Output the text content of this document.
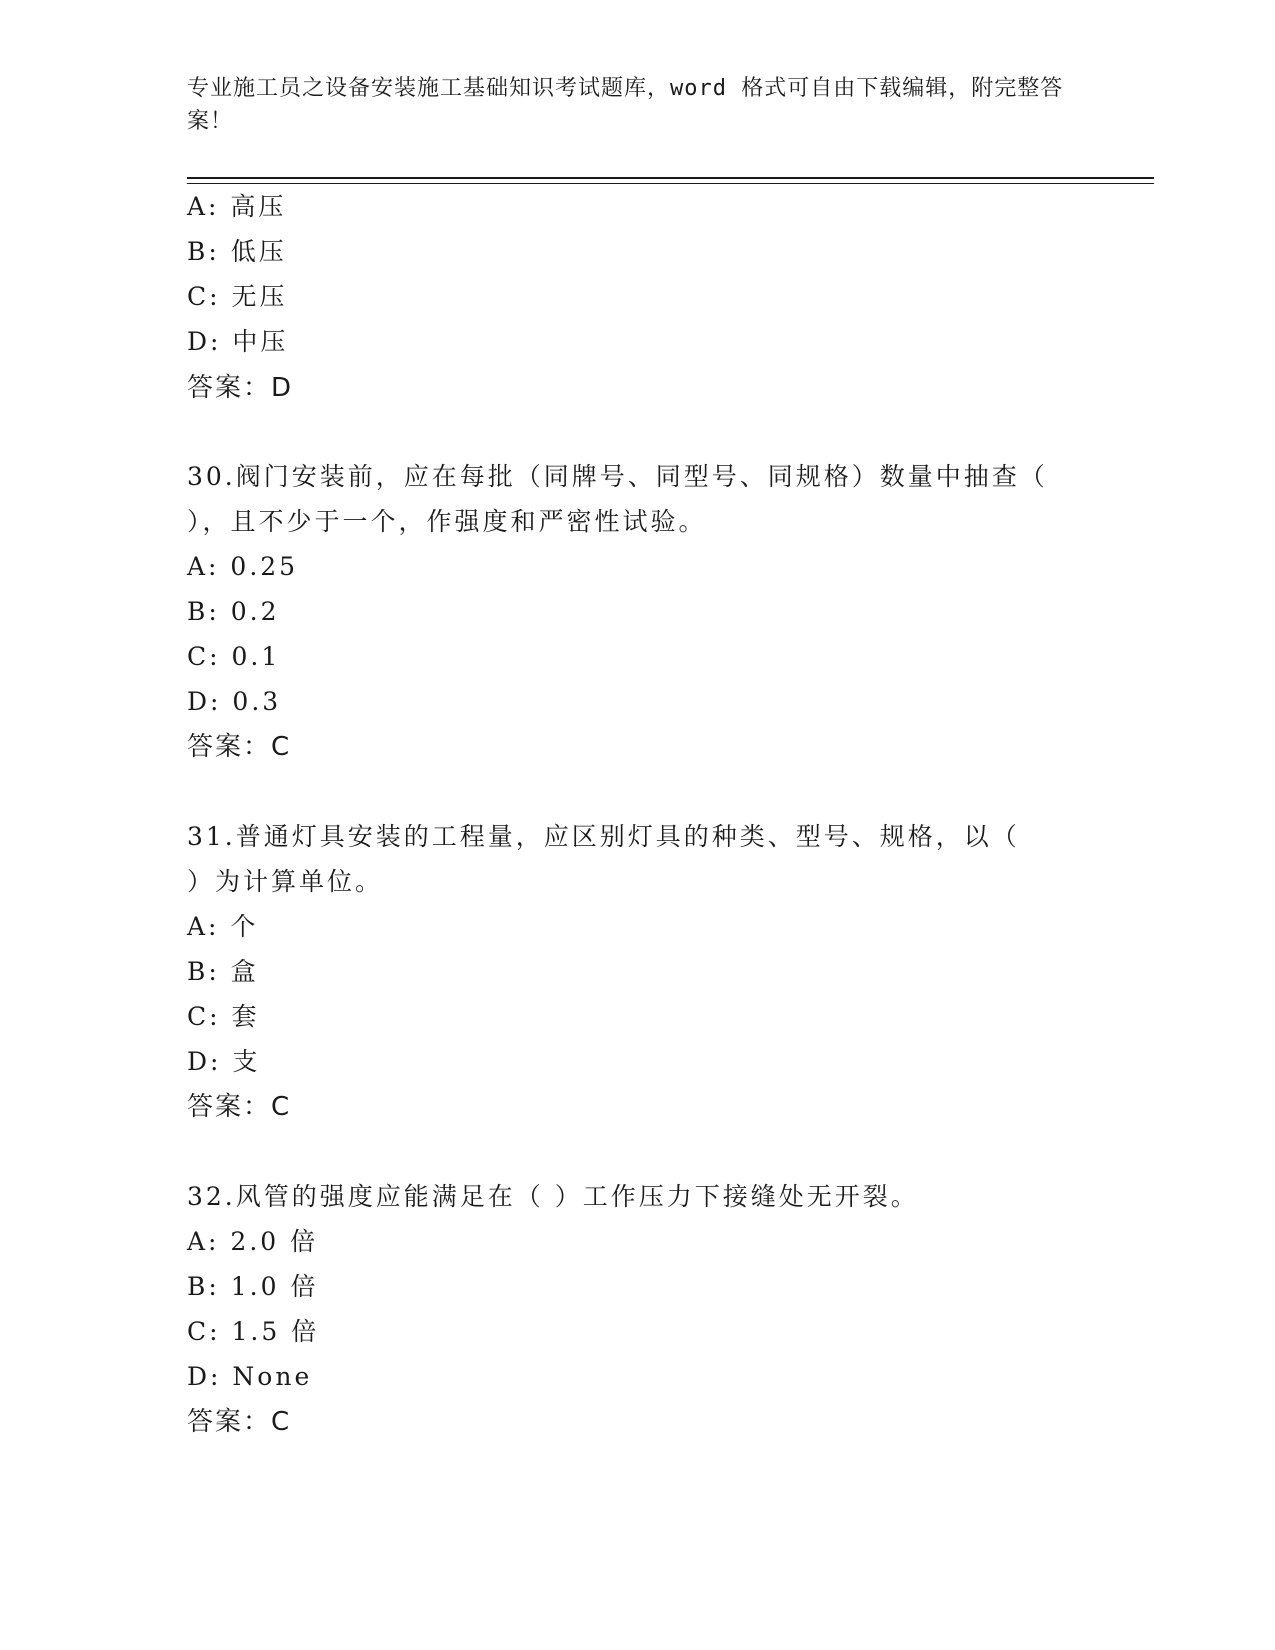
专业施工员之设备安装施工基础知识考试题库，word 格式可自由下载编辑，附完整答案！
A: 高压
B: 低压
C: 无压
D: 中压
答案：D
30.阀门安装前，应在每批（同牌号、同型号、同规格）数量中抽查（
），且不少于一个，作强度和严密性试验。
A: 0.25
B: 0.2
C: 0.1
D: 0.3
答案：C
31.普通灯具安装的工程量，应区别灯具的种类、型号、规格，以（
）为计算单位。
A: 个
B: 盒
C: 套
D: 支
答案：C
32.风管的强度应能满足在（ ）工作压力下接缝处无开裂。
A: 2.0 倍
B: 1.0 倍
C: 1.5 倍
D: None
答案：C
